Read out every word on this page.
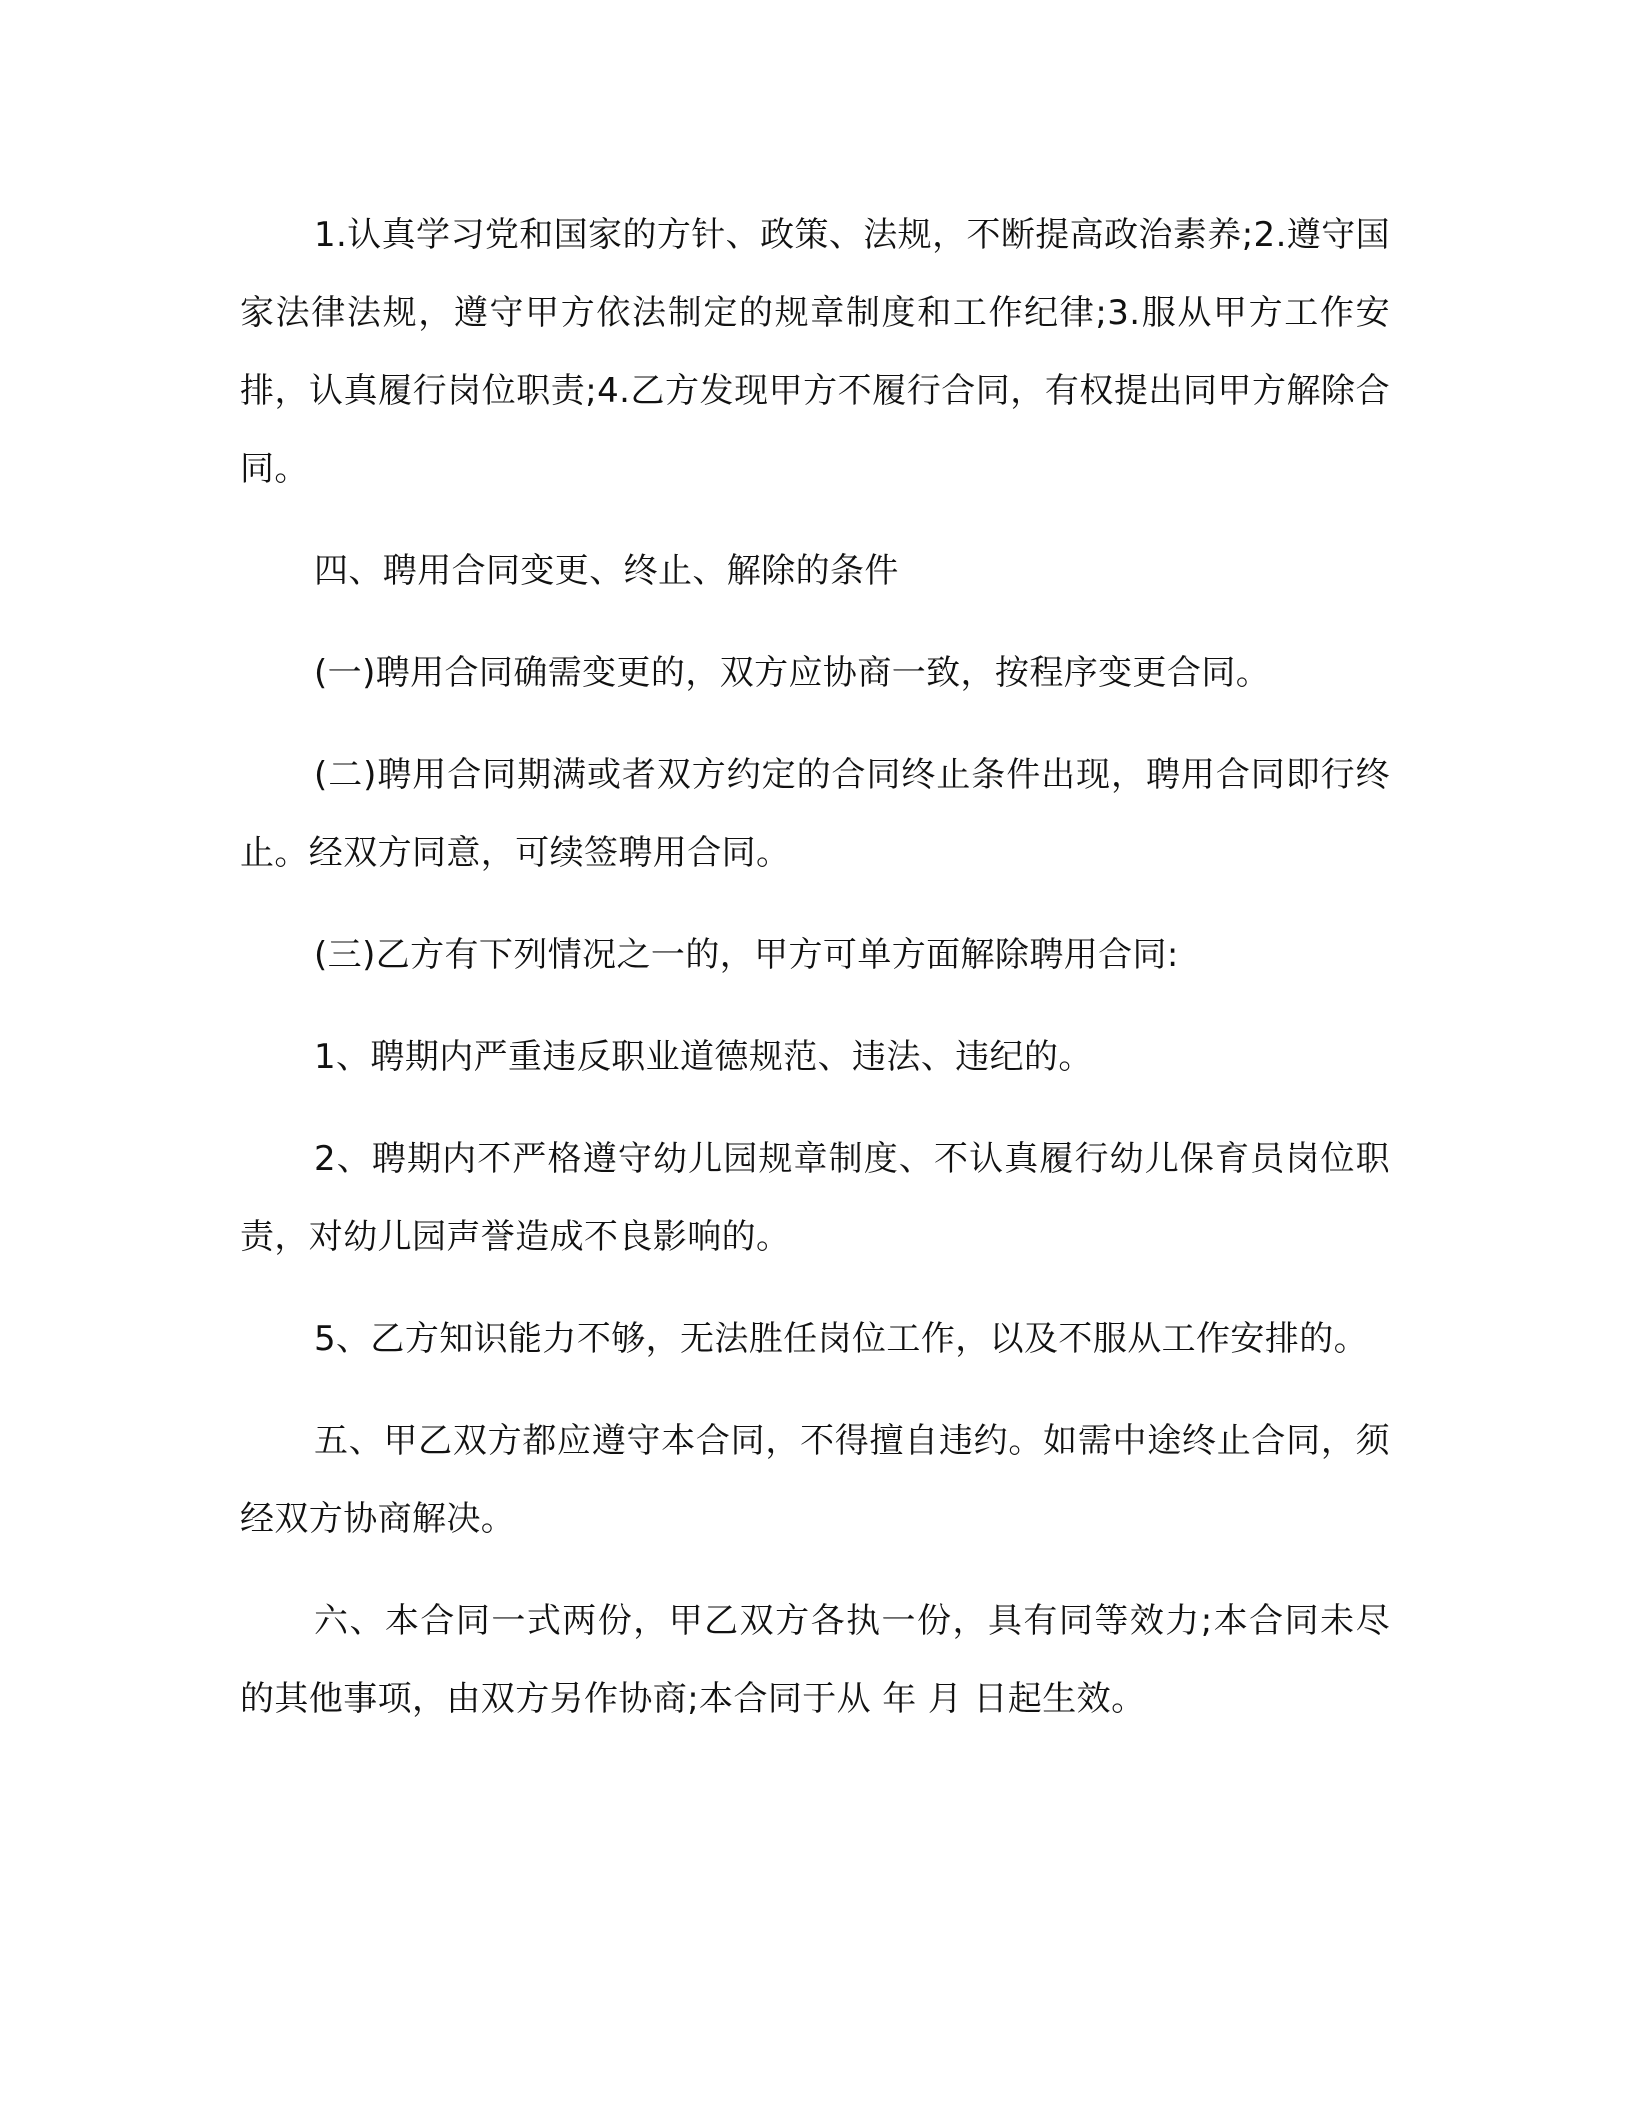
1.认真学习党和国家的方针、政策、法规，不断提高政治素养;2.遵守国家法律法规，遵守甲方依法制定的规章制度和工作纪律;3.服从甲方工作安排，认真履行岗位职责;4.乙方发现甲方不履行合同，有权提出同甲方解除合同。

四、聘用合同变更、终止、解除的条件

(一)聘用合同确需变更的，双方应协商一致，按程序变更合同。

(二)聘用合同期满或者双方约定的合同终止条件出现，聘用合同即行终止。经双方同意，可续签聘用合同。

(三)乙方有下列情况之一的，甲方可单方面解除聘用合同:

1、聘期内严重违反职业道德规范、违法、违纪的。

2、聘期内不严格遵守幼儿园规章制度、不认真履行幼儿保育员岗位职责，对幼儿园声誉造成不良影响的。

5、乙方知识能力不够，无法胜任岗位工作，以及不服从工作安排的。

五、甲乙双方都应遵守本合同，不得擅自违约。如需中途终止合同，须经双方协商解决。

六、本合同一式两份，甲乙双方各执一份，具有同等效力;本合同未尽的其他事项，由双方另作协商;本合同于从 年 月 日起生效。
